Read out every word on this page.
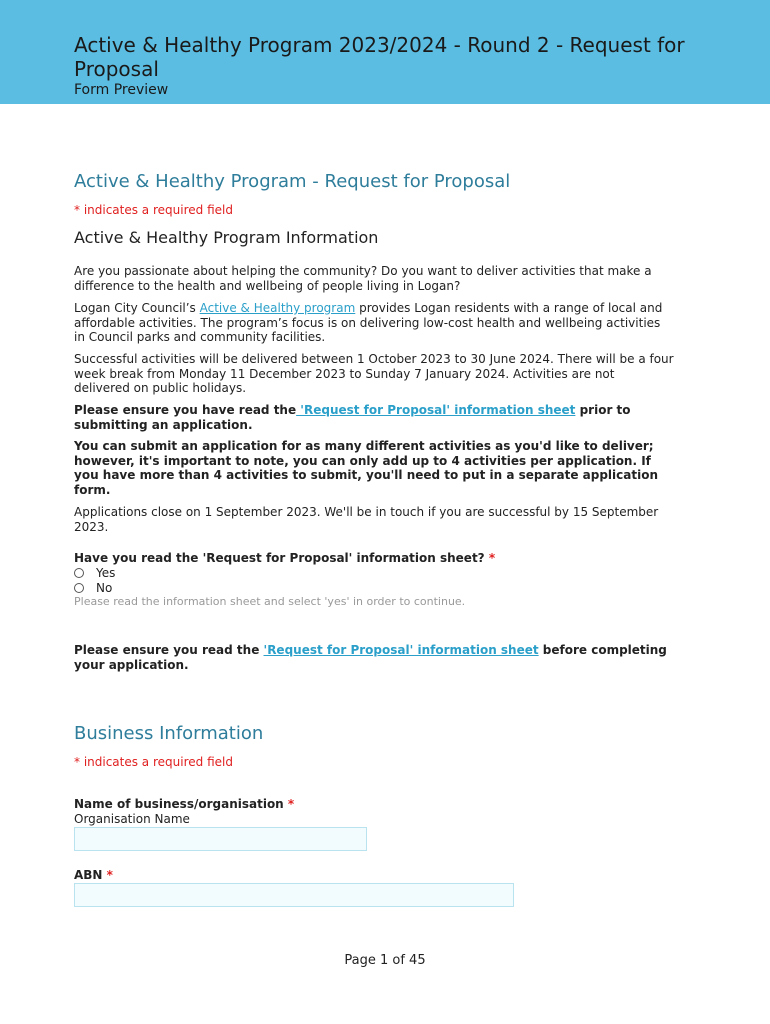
Active & Healthy Program 2023/2024 - Round 2 - Request for Proposal
Form Preview
Active & Healthy Program - Request for Proposal
* indicates a required field
Active & Healthy Program Information
Are you passionate about helping the community? Do you want to deliver activities that make a difference to the health and wellbeing of people living in Logan?
Logan City Council’s Active & Healthy program provides Logan residents with a range of local and affordable activities. The program’s focus is on delivering low-cost health and wellbeing activities in Council parks and community facilities.
Successful activities will be delivered between 1 October 2023 to 30 June 2024. There will be a four week break from Monday 11 December 2023 to Sunday 7 January 2024. Activities are not delivered on public holidays.
Please ensure you have read the 'Request for Proposal' information sheet prior to submitting an application.
You can submit an application for as many different activities as you'd like to deliver; however, it's important to note, you can only add up to 4 activities per application. If you have more than 4 activities to submit, you'll need to put in a separate application form.
Applications close on 1 September 2023. We'll be in touch if you are successful by 15 September 2023.
Have you read the 'Request for Proposal' information sheet? *
Yes
No
Please read the information sheet and select 'yes' in order to continue.
Please ensure you read the 'Request for Proposal' information sheet before completing your application.
Business Information
* indicates a required field
Name of business/organisation *
Organisation Name
ABN *
Page 1 of 45
